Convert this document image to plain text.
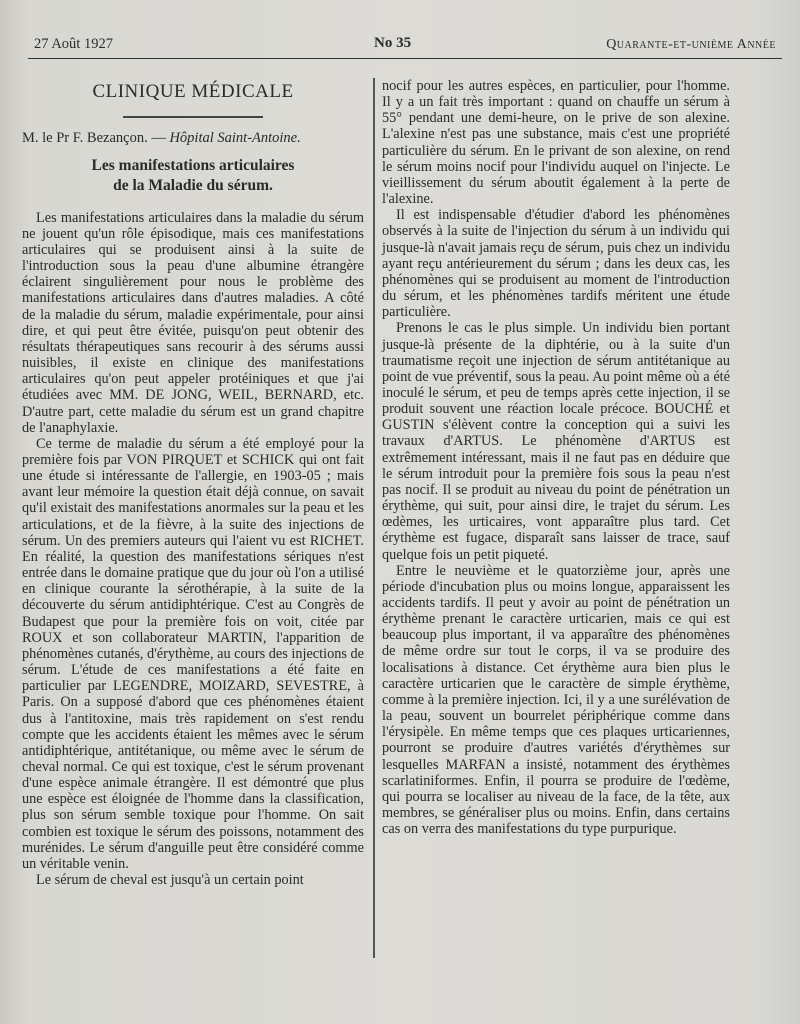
27 Août 1927	No 35	Quarante-et-unième Année
CLINIQUE MÉDICALE
M. le Pr F. Bezançon. — Hôpital Saint-Antoine.
Les manifestations articulaires
de la Maladie du sérum.

Les manifestations articulaires dans la maladie du sérum ne jouent qu'un rôle épisodique, mais ces manifestations articulaires qui se produisent ainsi à la suite de l'introduction sous la peau d'une albumine étrangère éclairent singulièrement pour nous le problème des manifestations articulaires dans d'autres maladies. A côté de la maladie du sérum, maladie expérimentale, pour ainsi dire, et qui peut être évitée, puisqu'on peut obtenir des résultats thérapeutiques sans recourir à des sérums aussi nuisibles, il existe en clinique des manifestations articulaires qu'on peut appeler protéiniques et que j'ai étudiées avec MM. DE JONG, WEIL, BERNARD, etc. D'autre part, cette maladie du sérum est un grand chapitre de l'anaphylaxie.

Ce terme de maladie du sérum a été employé pour la première fois par VON PIRQUET et SCHICK qui ont fait une étude si intéressante de l'allergie, en 1903-05 ; mais avant leur mémoire la question était déjà connue, on savait qu'il existait des manifestations anormales sur la peau et les articulations, et de la fièvre, à la suite des injections de sérum. Un des premiers auteurs qui l'aient vu est RICHET. En réalité, la question des manifestations sériques n'est entrée dans le domaine pratique que du jour où l'on a utilisé en clinique courante la sérothérapie, à la suite de la découverte du sérum antidiphtérique. C'est au Congrès de Budapest que pour la première fois on voit, citée par ROUX et son collaborateur MARTIN, l'apparition de phénomènes cutanés, d'érythème, au cours des injections de sérum. L'étude de ces manifestations a été faite en particulier par LEGENDRE, MOIZARD, SEVESTRE, à Paris. On a supposé d'abord que ces phénomènes étaient dus à l'antitoxine, mais très rapidement on s'est rendu compte que les accidents étaient les mêmes avec le sérum antidiphtérique, antitétanique, ou même avec le sérum de cheval normal. Ce qui est toxique, c'est le sérum provenant d'une espèce animale étrangère. Il est démontré que plus une espèce est éloignée de l'homme dans la classification, plus son sérum semble toxique pour l'homme. On sait combien est toxique le sérum des poissons, notamment des murénides. Le sérum d'anguille peut être considéré comme un véritable venin.

Le sérum de cheval est jusqu'à un certain point

nocif pour les autres espèces, en particulier, pour l'homme. Il y a un fait très important : quand on chauffe un sérum à 55° pendant une demi-heure, on le prive de son alexine. L'alexine n'est pas une substance, mais c'est une propriété particulière du sérum. En le privant de son alexine, on rend le sérum moins nocif pour l'individu auquel on l'injecte. Le vieillissement du sérum aboutit également à la perte de l'alexine.

Il est indispensable d'étudier d'abord les phénomènes observés à la suite de l'injection du sérum à un individu qui jusque-là n'avait jamais reçu de sérum, puis chez un individu ayant reçu antérieurement du sérum ; dans les deux cas, les phénomènes qui se produisent au moment de l'introduction du sérum, et les phénomènes tardifs méritent une étude particulière.

Prenons le cas le plus simple. Un individu bien portant jusque-là présente de la diphtérie, ou à la suite d'un traumatisme reçoit une injection de sérum antitétanique au point de vue préventif, sous la peau. Au point même où a été inoculé le sérum, et peu de temps après cette injection, il se produit souvent une réaction locale précoce. BOUCHÉ et GUSTIN s'élèvent contre la conception qui a suivi les travaux d'ARTUS. Le phénomène d'ARTUS est extrêmement intéressant, mais il ne faut pas en déduire que le sérum introduit pour la première fois sous la peau n'est pas nocif. Il se produit au niveau du point de pénétration un érythème, qui suit, pour ainsi dire, le trajet du sérum. Les œdèmes, les urticaires, vont apparaître plus tard. Cet érythème est fugace, disparaît sans laisser de trace, sauf quelque fois un petit piqueté.

Entre le neuvième et le quatorzième jour, après une période d'incubation plus ou moins longue, apparaissent les accidents tardifs. Il peut y avoir au point de pénétration un érythème prenant le caractère urticarien, mais ce qui est beaucoup plus important, il va apparaître des phénomènes de même ordre sur tout le corps, il va se produire des localisations à distance. Cet érythème aura bien plus le caractère urticarien que le caractère de simple érythème, comme à la première injection. Ici, il y a une surélévation de la peau, souvent un bourrelet périphérique comme dans l'érysipèle. En même temps que ces plaques urticariennes, pourront se produire d'autres variétés d'érythèmes sur lesquelles MARFAN a insisté, notamment des érythèmes scarlatiniformes. Enfin, il pourra se produire de l'œdème, qui pourra se localiser au niveau de la face, de la tête, aux membres, se généraliser plus ou moins. Enfin, dans certains cas on verra des manifestations du type purpurique.
